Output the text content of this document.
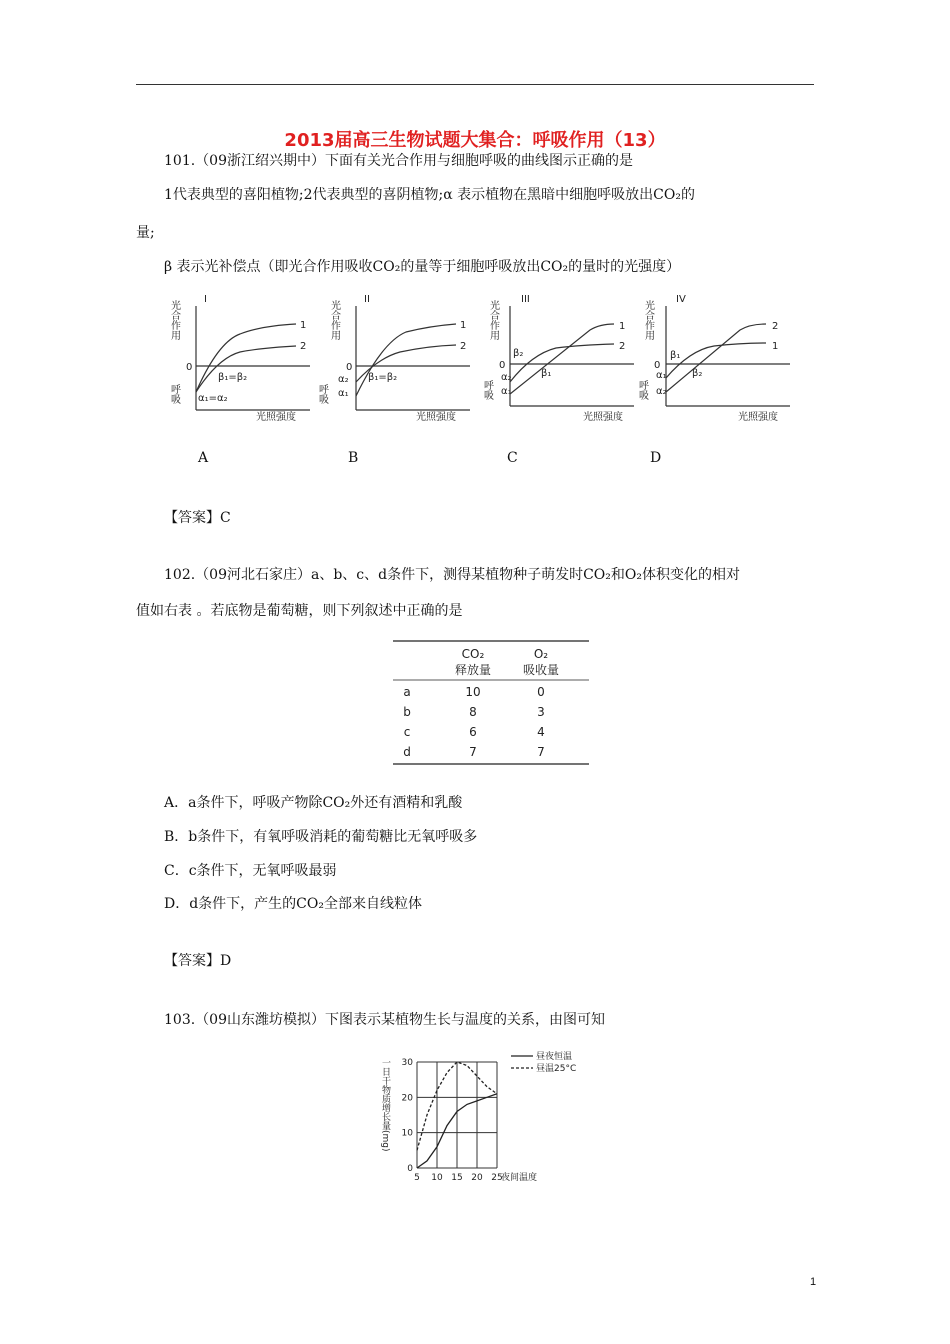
2013届高三生物试题大集合：呼吸作用（13）
101.（09浙江绍兴期中）下面有关光合作用与细胞呼吸的曲线图示正确的是
1代表典型的喜阳植物;2代表典型的喜阴植物;α 表示植物在黑暗中细胞呼吸放出CO₂的
量;
β 表示光补偿点（即光合作用吸收CO₂的量等于细胞呼吸放出CO₂的量时的光强度）
光合作用
I
0
呼吸
光照强度
1
2
β₁=β₂
α₁=α₂
光合作用
II
0
呼吸
α₂
α₁
光照强度
1
2
β₁=β₂
光合作用
III
0
呼吸
α₂
α₁
β₂
β₁
光照强度
1
2
光合作用
IV
0
呼吸
α₁
α₂
β₁
β₂
光照强度
2
1
A	B	C	D
【答案】C
102.（09河北石家庄）a、b、c、d条件下，测得某植物种子萌发时CO₂和O₂体积变化的相对
值如右表 。若底物是葡萄糖，则下列叙述中正确的是
CO₂
释放量
O₂
吸收量
a	10	0
b	8	3
c	6	4
d	7	7
A．a条件下，呼吸产物除CO₂外还有酒精和乳酸
B．b条件下，有氧呼吸消耗的葡萄糖比无氧呼吸多
C．c条件下，无氧呼吸最弱
D．d条件下，产生的CO₂全部来自线粒体
【答案】D
103.（09山东潍坊模拟）下图表示某植物生长与温度的关系，由图可知
5 10 15 20 25
0
10
20
30
夜间温度
一日干物质增长量(mg)
昼夜恒温
昼温25°C
1
